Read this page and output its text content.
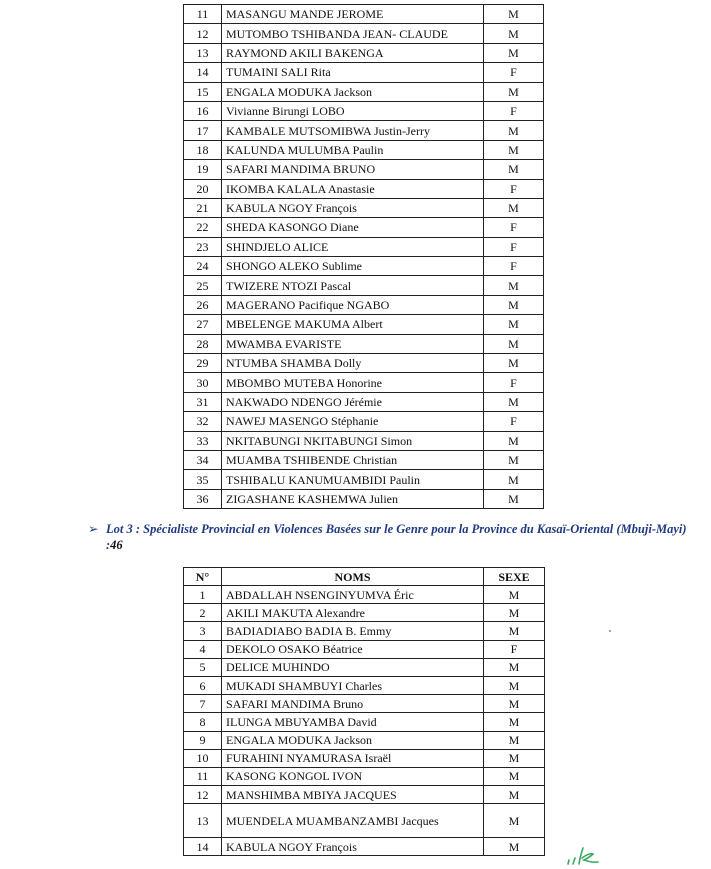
11	MASANGU MANDE JEROME	M
12	MUTOMBO TSHIBANDA JEAN- CLAUDE	M
13	RAYMOND AKILI BAKENGA	M
14	TUMAINI SALI Rita	F
15	ENGALA MODUKA Jackson	M
16	Vivianne Birungi LOBO	F
17	KAMBALE MUTSOMIBWA Justin-Jerry	M
18	KALUNDA MULUMBA Paulin	M
19	SAFARI MANDIMA BRUNO	M
20	IKOMBA KALALA Anastasie	F
21	KABULA NGOY François	M
22	SHEDA KASONGO Diane	F
23	SHINDJELO ALICE	F
24	SHONGO ALEKO Sublime	F
25	TWIZERE NTOZI Pascal	M
26	MAGERANO Pacifique NGABO	M
27	MBELENGE MAKUMA Albert	M
28	MWAMBA EVARISTE	M
29	NTUMBA SHAMBA Dolly	M
30	MBOMBO MUTEBA Honorine	F
31	NAKWADO NDENGO Jérémie	M
32	NAWEJ MASENGO Stéphanie	F
33	NKITABUNGI NKITABUNGI Simon	M
34	MUAMBA TSHIBENDE Christian	M
35	TSHIBALU KANUMUAMBIDI Paulin	M
36	ZIGASHANE KASHEMWA Julien	M
➢ Lot 3 : Spécialiste Provincial en Violences Basées sur le Genre pour la Province du Kasaï-Oriental (Mbuji-Mayi) :46
N°	NOMS	SEXE
1	ABDALLAH NSENGINYUMVA Éric	M
2	AKILI MAKUTA Alexandre	M
3	BADIADIABO BADIA B. Emmy	M
4	DEKOLO OSAKO Béatrice	F
5	DELICE MUHINDO	M
6	MUKADI SHAMBUYI Charles	M
7	SAFARI MANDIMA Bruno	M
8	ILUNGA MBUYAMBA David	M
9	ENGALA MODUKA Jackson	M
10	FURAHINI NYAMURASA Israël	M
11	KASONG KONGOL IVON	M
12	MANSHIMBA MBIYA JACQUES	M
13	MUENDELA MUAMBANZAMBI Jacques	M
14	KABULA NGOY François	M
